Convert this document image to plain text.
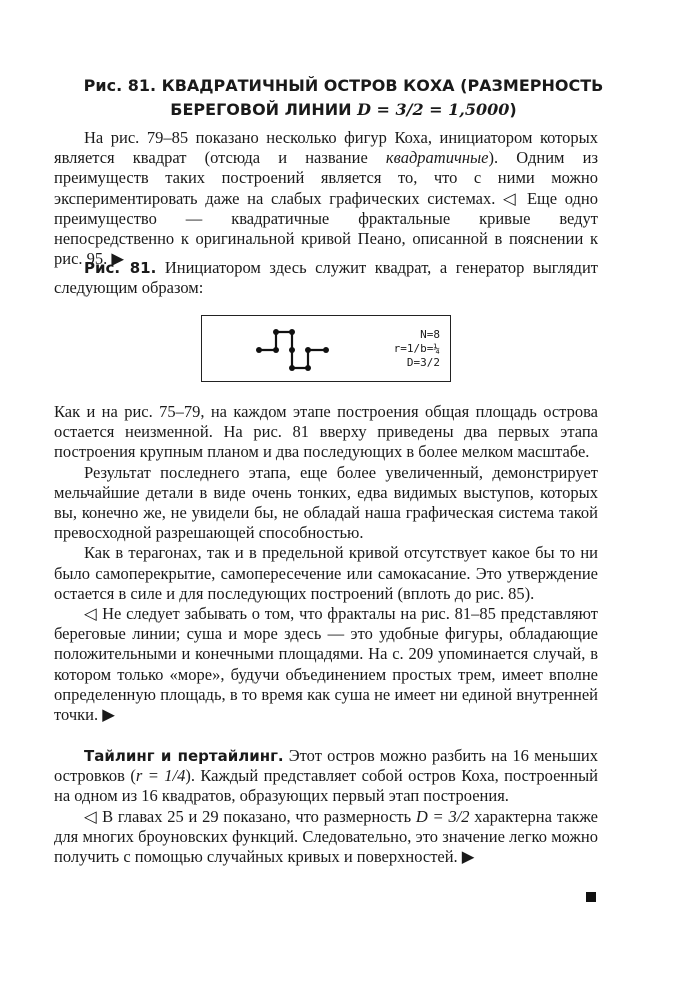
Рис. 81. КВАДРАТИЧНЫЙ ОСТРОВ КОХА (РАЗМЕРНОСТЬ
БЕРЕГОВОЙ ЛИНИИ D = 3/2 = 1,5000)

На рис. 79–85 показано несколько фигур Коха, инициатором которых является квадрат (отсюда и название квадратичные). Одним из преимуществ таких построений является то, что с ними можно экспериментировать даже на слабых графических системах. ◁ Еще одно преимущество — квадратичные фрактальные кривые ведут непосредственно к оригинальной кривой Пеано, описанной в пояснении к рис. 95. ▶

Рис. 81. Инициатором здесь служит квадрат, а генератор выглядит следующим образом:

N=8
r=1/b=¼
D=3/2

Как и на рис. 75–79, на каждом этапе построения общая площадь острова остается неизменной. На рис. 81 вверху приведены два первых этапа построения крупным планом и два последующих в более мелком масштабе.

Результат последнего этапа, еще более увеличенный, демонстрирует мельчайшие детали в виде очень тонких, едва видимых выступов, которых вы, конечно же, не увидели бы, не обладай наша графическая система такой превосходной разрешающей способностью.

Как в терагонах, так и в предельной кривой отсутствует какое бы то ни было самоперекрытие, самопересечение или самокасание. Это утверждение остается в силе и для последующих построений (вплоть до рис. 85).

◁ Не следует забывать о том, что фракталы на рис. 81–85 представляют береговые линии; суша и море здесь — это удобные фигуры, обладающие положительными и конечными площадями. На с. 209 упоминается случай, в котором только «море», будучи объединением простых трем, имеет вполне определенную площадь, в то время как суша не имеет ни единой внутренней точки. ▶

Тайлинг и пертайлинг. Этот остров можно разбить на 16 меньших островков (r = 1/4). Каждый представляет собой остров Коха, построенный на одном из 16 квадратов, образующих первый этап построения.

◁ В главах 25 и 29 показано, что размерность D = 3/2 характерна также для многих броуновских функций. Следовательно, это значение легко можно получить с помощью случайных кривых и поверхностей. ▶
